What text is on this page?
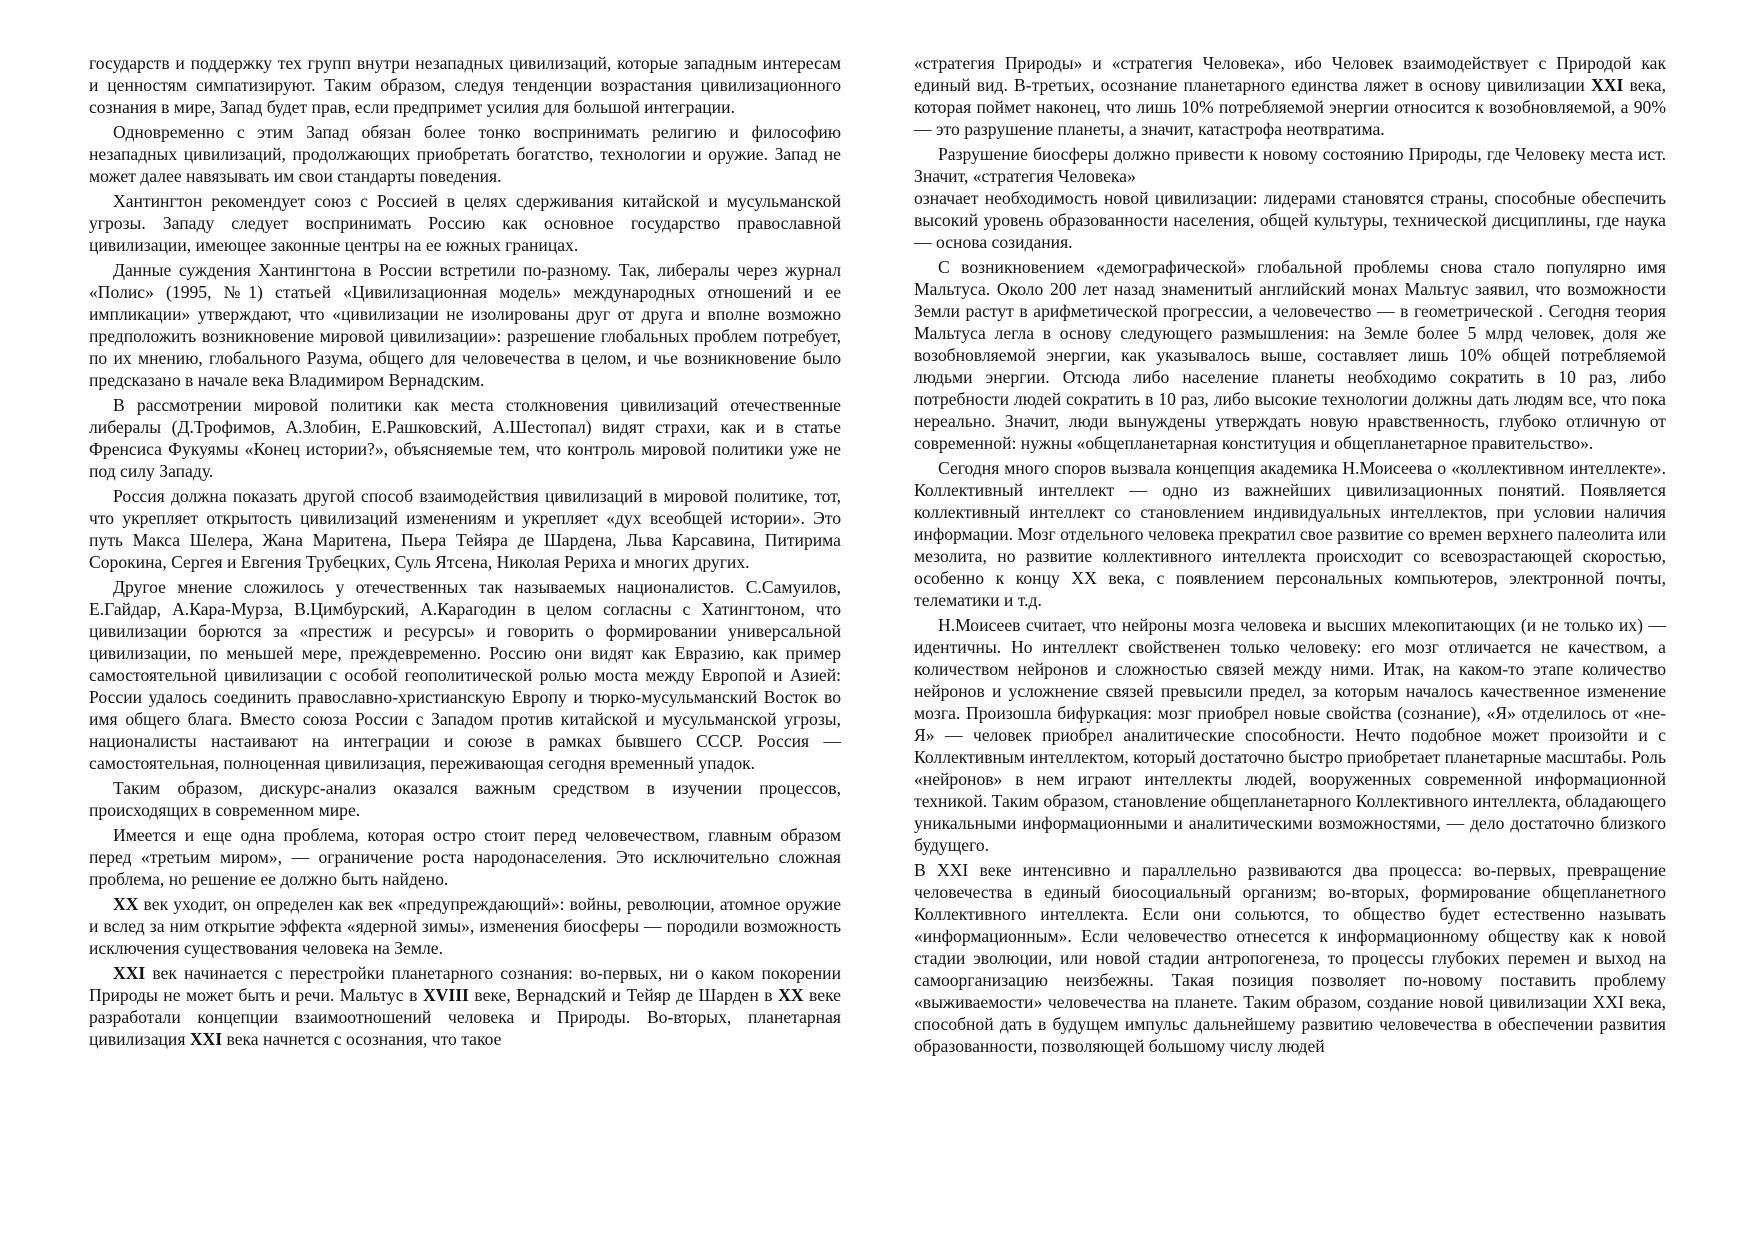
государств и поддержку тех групп внутри незападных цивилизаций, которые западным интересам и ценностям симпатизируют. Таким образом, следуя тенденции возрастания цивилизационного сознания в мире, Запад будет прав, если предпримет усилия для большой интеграции.

Одновременно с этим Запад обязан более тонко воспринимать религию и философию незападных цивилизаций, продолжающих приобретать богатство, технологии и оружие. Запад не может далее навязывать им свои стандарты поведения.

Хантингтон рекомендует союз с Россией в целях сдерживания китайской и мусульманской угрозы. Западу следует воспринимать Россию как основное государство православной цивилизации, имеющее законные центры на ее южных границах.

Данные суждения Хантингтона в России встретили по-разному. Так, либералы через журнал «Полис» (1995, №1) статьей «Цивилизационная модель» международных отношений и ее импликации» утверждают, что «цивилизации не изолированы друг от друга и вполне возможно предположить возникновение мировой цивилизации»: разрешение глобальных проблем потребует, по их мнению, глобального Разума, общего для человечества в целом, и чье возникновение было предсказано в начале века Владимиром Вернадским.

В рассмотрении мировой политики как места столкновения цивилизаций отечественные либералы (Д.Трофимов, А.Злобин, Е.Рашковский, А.Шестопал) видят страхи, как и в статье Френсиса Фукуямы «Конец истории?», объясняемые тем, что контроль мировой политики уже не под силу Западу.

Россия должна показать другой способ взаимодействия цивилизаций в мировой политике, тот, что укрепляет открытость цивилизаций изменениям и укрепляет «дух всеобщей истории». Это путь Макса Шелера, Жана Маритена, Пьера Тейяра де Шардена, Льва Карсавина, Питирима Сорокина, Сергея и Евгения Трубецких, Суль Ятсена, Николая Рериха и многих других.

Другое мнение сложилось у отечественных так называемых националистов. С.Самуилов, Е.Гайдар, А.Кара-Мурза, В.Цимбурский, А.Карагодин в целом согласны с Хатингтоном, что цивилизации борются за «престиж и ресурсы» и говорить о формировании универсальной цивилизации, по меньшей мере, преждевременно. Россию они видят как Евразию, как пример самостоятельной цивилизации с особой геополитической ролью моста между Европой и Азией: России удалось соединить православно-христианскую Европу и тюрко-мусульманский Восток во имя общего блага. Вместо союза России с Западом против китайской и мусульманской угрозы, националисты настаивают на интеграции и союзе в рамках бывшего СССР. Россия — самостоятельная, полноценная цивилизация, переживающая сегодня временный упадок.

Таким образом, дискурс-анализ оказался важным средством в изучении процессов, происходящих в современном мире.

Имеется и еще одна проблема, которая остро стоит перед человечеством, главным образом перед «третьим миром», — ограничение роста народонаселения. Это исключительно сложная проблема, но решение ее должно быть найдено.

XX век уходит, он определен как век «предупреждающий»: войны, революции, атомное оружие и вслед за ним открытие эффекта «ядерной зимы», изменения биосферы — породили возможность исключения существования человека на Земле.

XXI век начинается с перестройки планетарного сознания: во-первых, ни о каком покорении Природы не может быть и речи. Мальтус в XVIII веке, Вернадский и Тейяр де Шарден в XX веке разработали концепции взаимоотношений человека и Природы. Во-вторых, планетарная цивилизация XXI века начнется с осознания, что такое

«стратегия Природы» и «стратегия Человека», ибо Человек взаимодействует с Природой как единый вид. В-третьих, осознание планетарного единства ляжет в основу цивилизации XXI века, которая поймет наконец, что лишь 10% потребляемой энергии относится к возобновляемой, а 90% — это разрушение планеты, а значит, катастрофа неотвратима.

Разрушение биосферы должно привести к новому состоянию Природы, где Человеку места ист. Значит, «стратегия Человека»

означает необходимость новой цивилизации: лидерами становятся страны, способные обеспечить высокий уровень образованности населения, общей культуры, технической дисциплины, где наука — основа созидания.

С возникновением «демографической» глобальной проблемы снова стало популярно имя Мальтуса. Около 200 лет назад знаменитый английский монах Мальтус заявил, что возможности Земли растут в арифметической прогрессии, а человечество — в геометрической . Сегодня теория Мальтуса легла в основу следующего размышления: на Земле более 5 млрд человек, доля же возобновляемой энергии, как указывалось выше, составляет лишь 10% общей потребляемой людьми энергии. Отсюда либо население планеты необходимо сократить в 10 раз, либо потребности людей сократить в 10 раз, либо высокие технологии должны дать людям все, что пока нереально. Значит, люди вынуждены утверждать новую нравственность, глубоко отличную от современной: нужны «общепланетарная конституция и общепланетарное правительство».

Сегодня много споров вызвала концепция академика Н.Моисеева о «коллективном интеллекте». Коллективный интеллект — одно из важнейших цивилизационных понятий. Появляется коллективный интеллект со становлением индивидуальных интеллектов, при условии наличия информации. Мозг отдельного человека прекратил свое развитие со времен верхнего палеолита или мезолита, но развитие коллективного интеллекта происходит со всевозрастающей скоростью, особенно к концу XX века, с появлением персональных компьютеров, электронной почты, телематики и т.д.

Н.Моисеев считает, что нейроны мозга человека и высших млекопитающих (и не только их) — идентичны. Но интеллект свойственен только человеку: его мозг отличается не качеством, а количеством нейронов и сложностью связей между ними. Итак, на каком-то этапе количество нейронов и усложнение связей превысили предел, за которым началось качественное изменение мозга. Произошла бифуркация: мозг приобрел новые свойства (сознание), «Я» отделилось от «не-Я» — человек приобрел аналитические способности. Нечто подобное может произойти и с Коллективным интеллектом, который достаточно быстро приобретает планетарные масштабы. Роль «нейронов» в нем играют интеллекты людей, вооруженных современной информационной техникой. Таким образом, становление общепланетарного Коллективного интеллекта, обладающего уникальными информационными и аналитическими возможностями, — дело достаточно близкого будущего.

В XXI веке интенсивно и параллельно развиваются два процесса: во-первых, превращение человечества в единый биосоциальный организм; во-вторых, формирование общепланетного Коллективного интеллекта. Если они сольются, то общество будет естественно называть «информационным». Если человечество отнесется к информационному обществу как к новой стадии эволюции, или новой стадии антропогенеза, то процессы глубоких перемен и выход на самоорганизацию неизбежны. Такая позиция позволяет по-новому поставить проблему «выживаемости» человечества на планете. Таким образом, создание новой цивилизации XXI века, способной дать в будущем импульс дальнейшему развитию человечества в обеспечении развития образованности, позволяющей большому числу людей
